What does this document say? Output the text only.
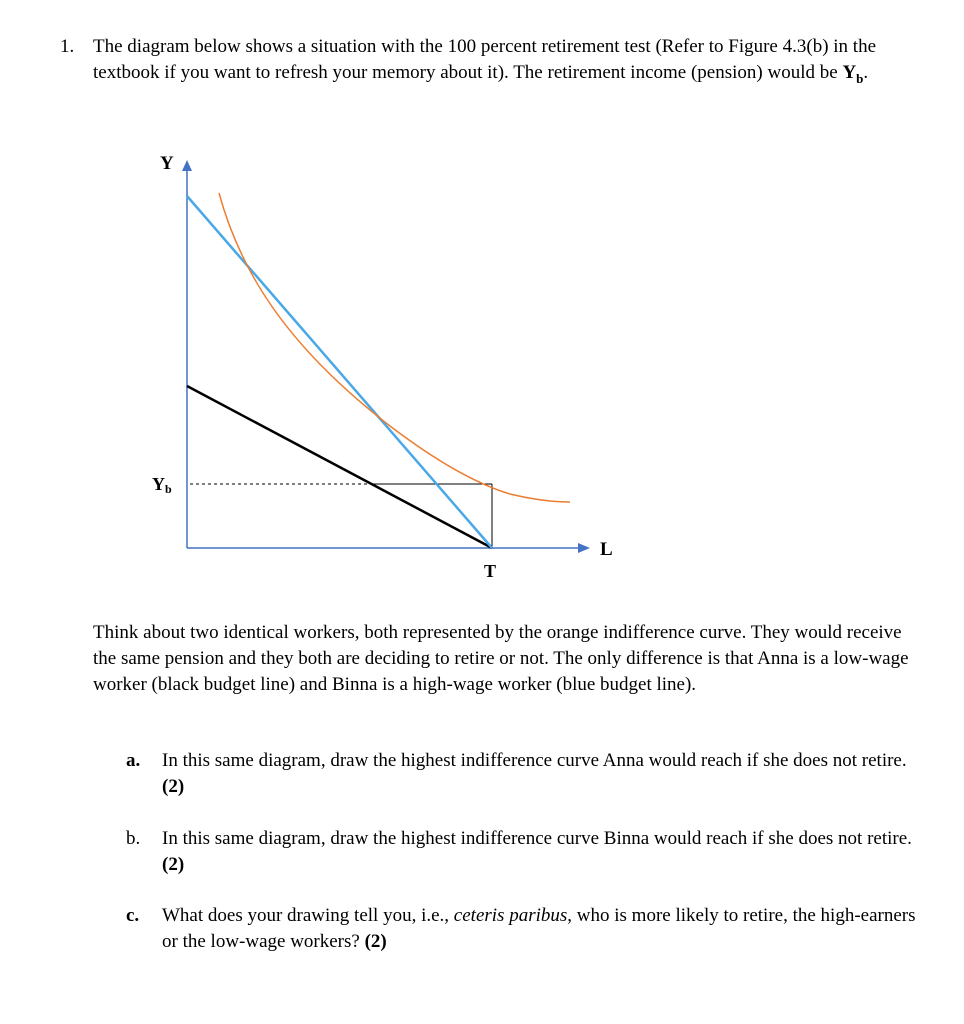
1. The diagram below shows a situation with the 100 percent retirement test (Refer to Figure 4.3(b) in the textbook if you want to refresh your memory about it). The retirement income (pension) would be $Y_b$.
Y
L
Yb
T
Think about two identical workers, both represented by the orange indifference curve. They would receive the same pension and they both are deciding to retire or not. The only difference is that Anna is a low-wage worker (black budget line) and Binna is a high-wage worker (blue budget line).
a. In this same diagram, draw the highest indifference curve Anna would reach if she does not retire. (2)
b. In this same diagram, draw the highest indifference curve Binna would reach if she does not retire. (2)
c. What does your drawing tell you, i.e., ceteris paribus, who is more likely to retire, the high-earners or the low-wage workers? (2)
